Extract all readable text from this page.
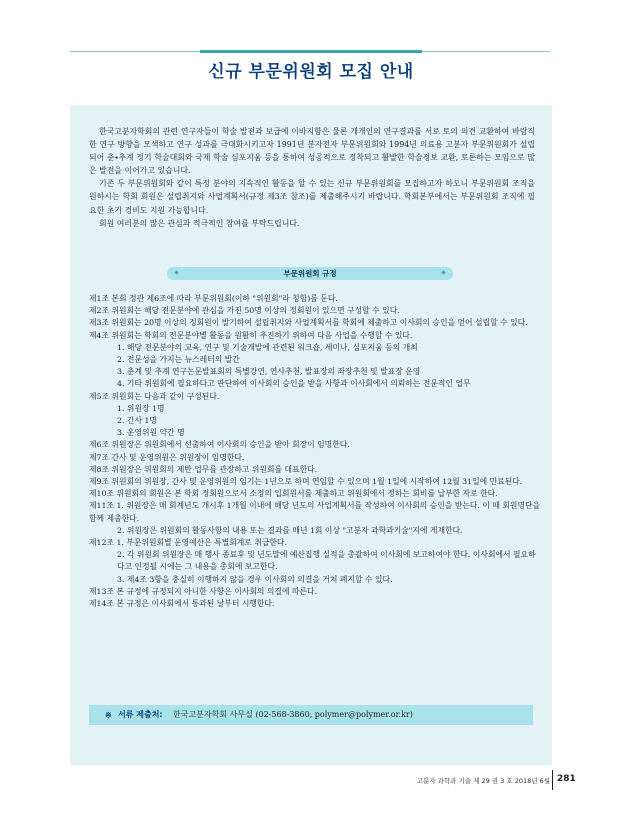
신규 부문위원회 모집 안내

한국고분자학회의 관련 연구자들이 학술 발전과 보급에 이바지함은 물론 개개인의 연구결과를 서로 토의 의견 교환하여 바람직한 연구 방향을 모색하고 연구 성과를 극대화시키고자 1991년 분자전자 부문위원회와 1994년 의료용 고분자 부문위원회가 설립되어 춘∙추계 정기 학술대회와 국제 학술 심포지움 등을 통하여 성공적으로 정착되고 활발한 학술정보 교환, 토론하는 모임으로 많은 발전을 이어가고 있습니다.

기존 두 부문위원회와 같이 특정 분야의 지속적인 활동을 할 수 있는 신규 부문위원회를 모집하고자 하오니 부문위원회 조직을 원하시는 학회 회원은 설립취지와 사업계획서(규정 제3조 참조)를 제출해주시기 바랍니다. 학회본부에서는 부문위원회 조직에 필요한 초기 경비도 지원 가능합니다.

회원 여러분의 많은 관심과 적극적인 참여를 부탁드립니다.

부문위원회 규정

제1조 본회 정관 제6조에 따라 부문위원회(이하 "위원회"라 칭함)를 둔다.

제2조 위원회는 해당 전문분야에 관심을 가진 50명 이상의 정회원이 있으면 구성할 수 있다.

제3조 위원회는 20명 이상의 정회원이 발기하여 설립취지와 사업계획서를 학회에 제출하고 이사회의 승인을 얻어 설립할 수 있다.

제4조 위원회는 학회의 전문분야별 활동을 원활히 추진하기 위하여 다음 사업을 수행할 수 있다.

1. 해당 전문분야의 교육, 연구 및 기술개발에 관련된 워크숍, 세미나, 심포지움 등의 개최

2. 전문성을 가지는 뉴스레터의 발간

3. 춘계 및 추계 연구논문발표회의 특별강연, 연사추천, 발표장의 좌장추천 및 발표장 운영

4. 기타 위원회에 필요하다고 판단하여 이사회의 승인을 받을 사항과 이사회에서 의뢰하는 전문적인 업무

제5조 위원회는 다음과 같이 구성된다.

1. 위원장 1명

2. 간사 1명

3. 운영위원 약간 명

제6조 위원장은 위원회에서 선출하여 이사회의 승인을 받아 회장이 임명한다.

제7조 간사 및 운영위원은 위원장이 임명한다.

제8조 위원장은 위원회의 제반 업무를 관장하고 위원회를 대표한다.

제9조 위원회의 위원장, 간사 및 운영위원의 임기는 1년으로 하며 연임할 수 있으며 1월 1일에 시작하여 12월 31일에 만료된다.

제10조 위원회의 회원은 본 학회 정회원으로서 소정의 입회원서를 제출하고 위원회에서 정하는 회비를 납부한 자로 한다.

제11조 1. 위원장은 매 회계년도 개시후 1개월 이내에 해당 년도의 사업계획서를 작성하여 이사회의 승인을 받는다. 이 때 회원명단을 함께 제출한다.

2. 위원장은 위원회의 활동사항의 내용 또는 결과를 매년 1회 이상 "고분자 과학과기술"지에 게재한다.

제12조 1. 부문위원회별 운영예산은 특별회계로 취급한다.

2. 각 위원회 위원장은 매 행사 종료후 및 년도말에 예산집행 실적을 총괄하여 이사회에 보고하여야 한다. 이사회에서 필요하다고 인정될 시에는 그 내용을 총회에 보고한다.

3. 제4조 3항을 충실히 이행하지 않을 경우 이사회의 의결을 거쳐 폐지할 수 있다.

제13조 본 규정에 규정되지 아니한 사항은 이사회의 의결에 따른다.

제14조 본 규정은 이사회에서 통과된 날부터 시행한다.

※ 서류 제출처: 한국고분자학회 사무실 (02-568-3860, polymer@polymer.or.kr)
고분자 과학과 기술 제 29 권 3 호 2018년 6월 281
